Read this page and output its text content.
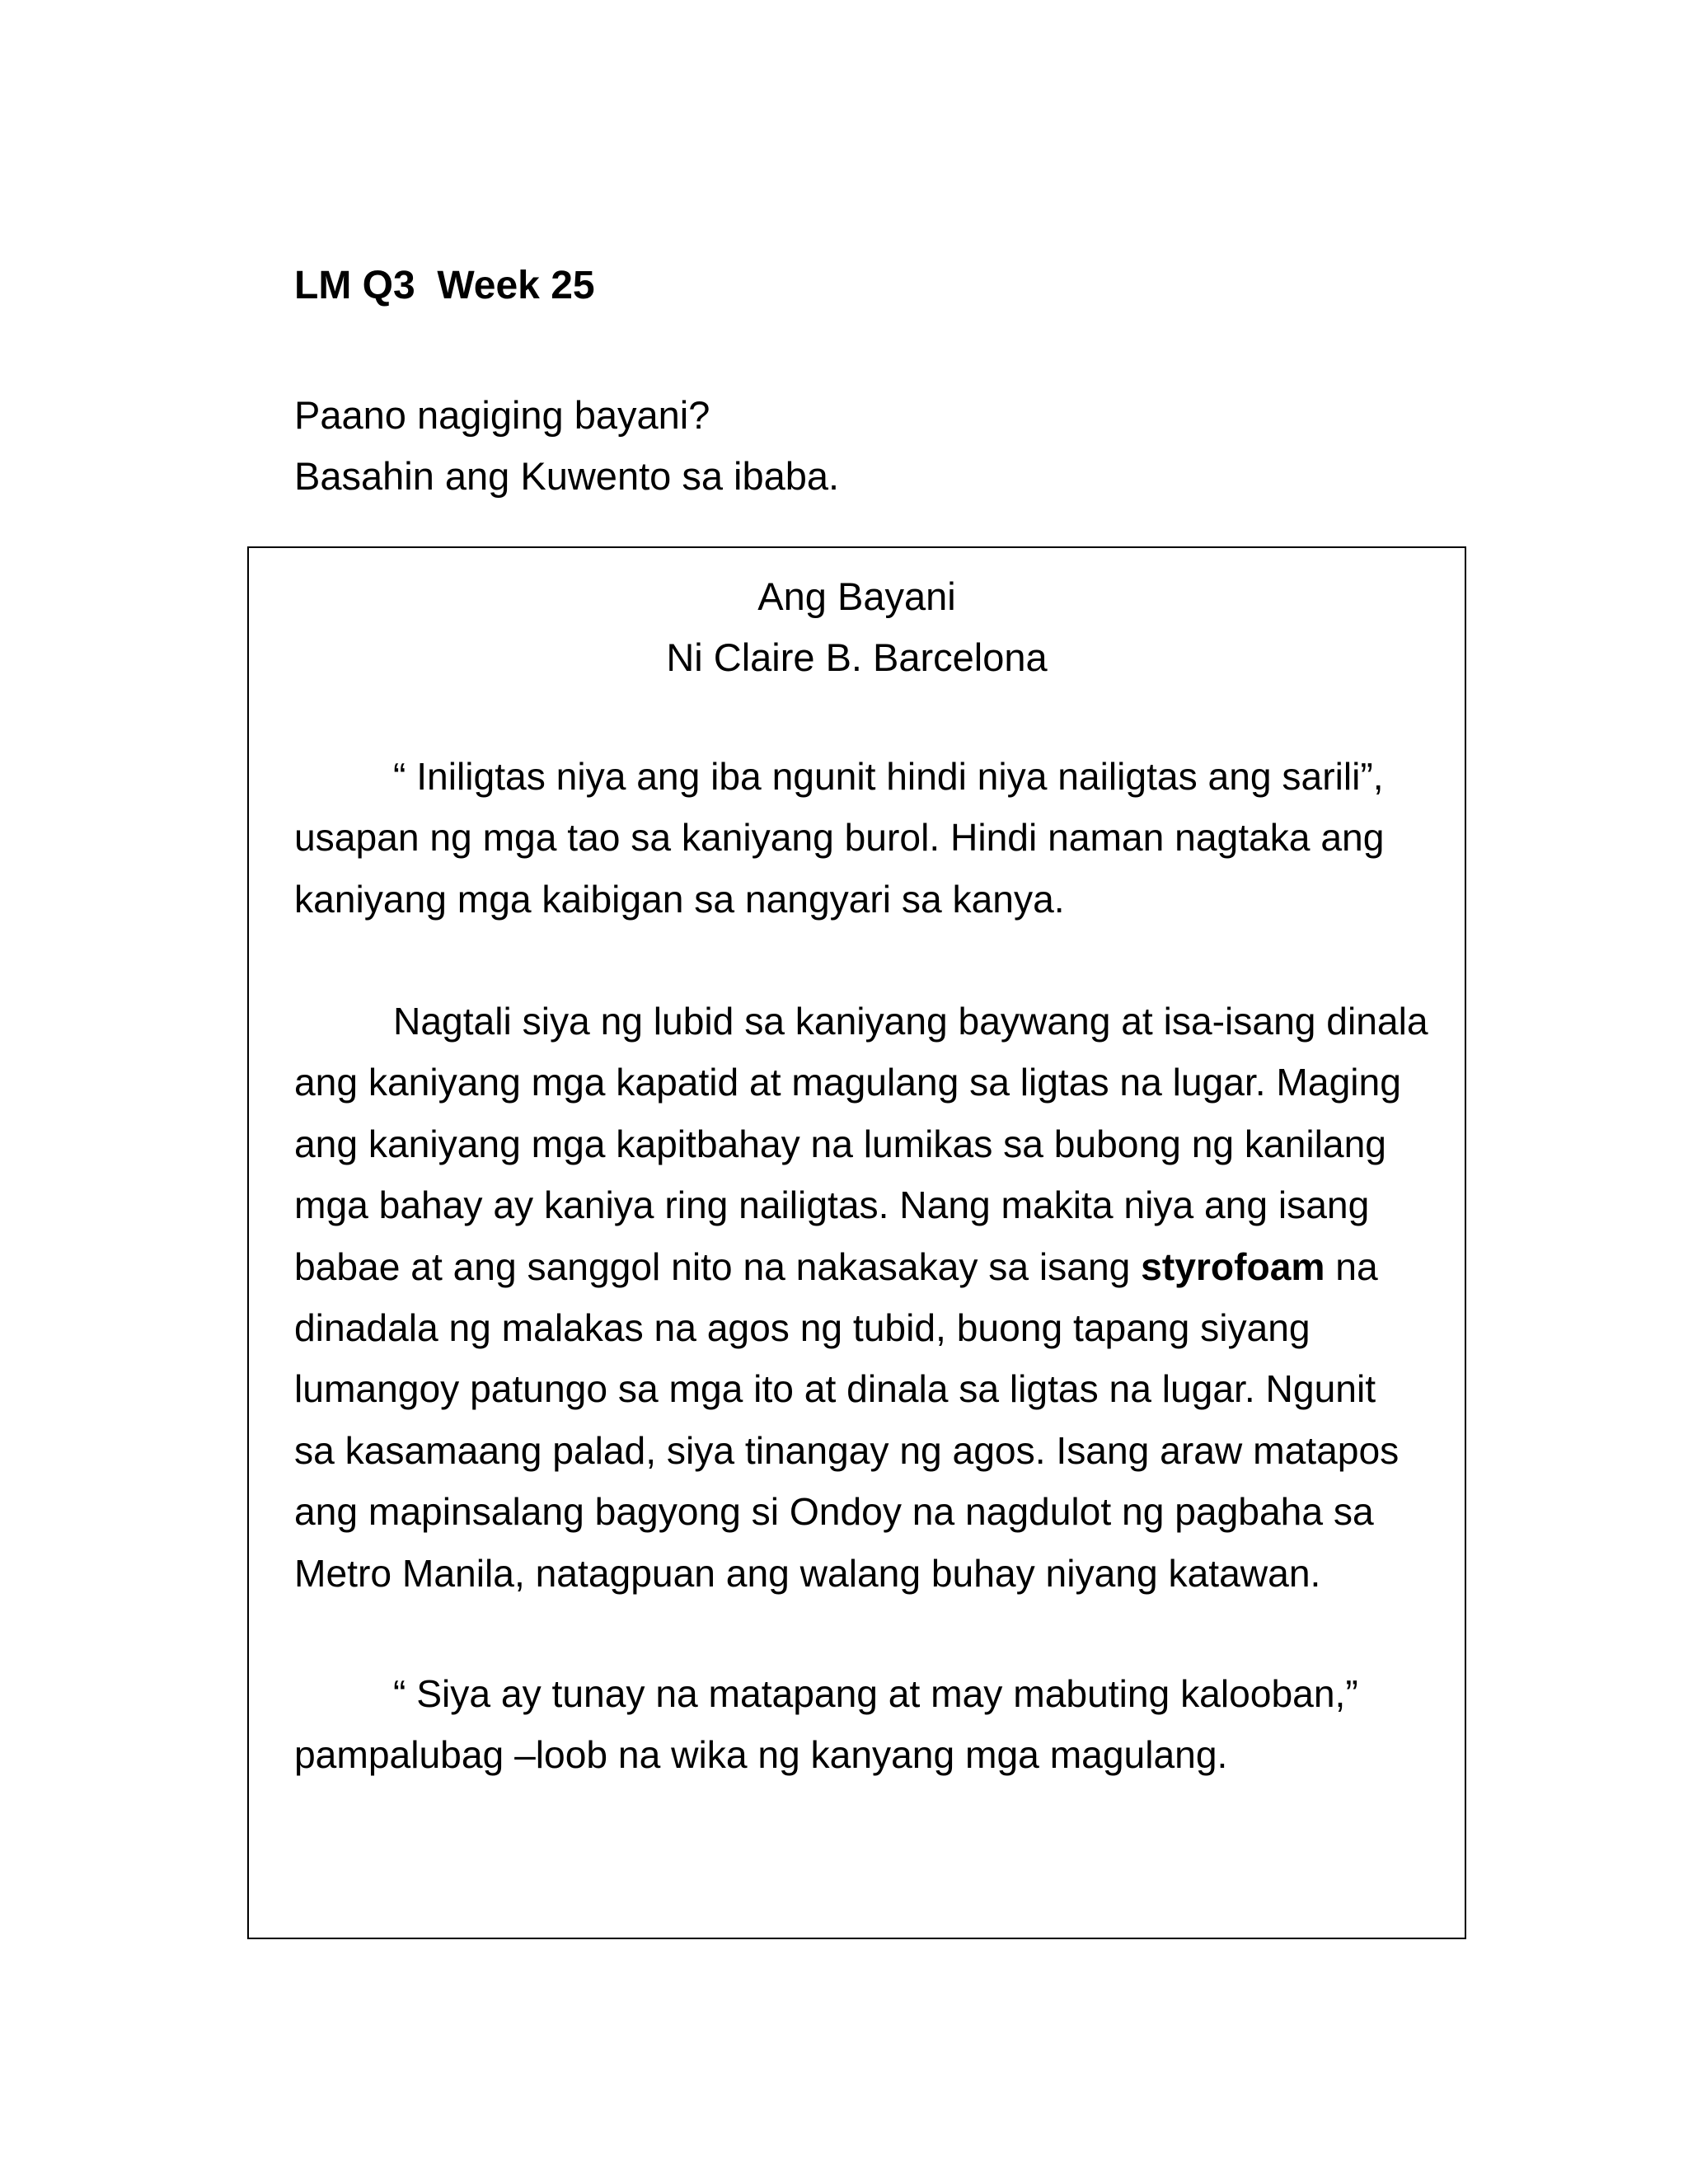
LM Q3  Week 25
Paano nagiging bayani?
Basahin ang Kuwento sa ibaba.
Ang Bayani
Ni Claire B. Barcelona
“ Iniligtas niya ang iba ngunit hindi niya nailigtas ang sarili”,
usapan ng mga tao sa kaniyang burol. Hindi naman nagtaka ang
kaniyang mga kaibigan sa nangyari sa kanya.
Nagtali siya ng lubid sa kaniyang baywang at isa-isang dinala
ang kaniyang mga kapatid at magulang sa ligtas na lugar. Maging
ang kaniyang mga kapitbahay na lumikas sa bubong ng kanilang
mga bahay ay kaniya ring nailigtas. Nang makita niya ang isang
babae at ang sanggol nito na nakasakay sa isang styrofoam na
dinadala ng malakas na agos ng tubid, buong tapang siyang
lumangoy patungo sa mga ito at dinala sa ligtas na lugar. Ngunit
sa kasamaang palad, siya tinangay ng agos. Isang araw matapos
ang mapinsalang bagyong si Ondoy na nagdulot ng pagbaha sa
Metro Manila, natagpuan ang walang buhay niyang katawan.
“ Siya ay tunay na matapang at may mabuting kalooban,”
pampalubag –loob na wika ng kanyang mga magulang.
